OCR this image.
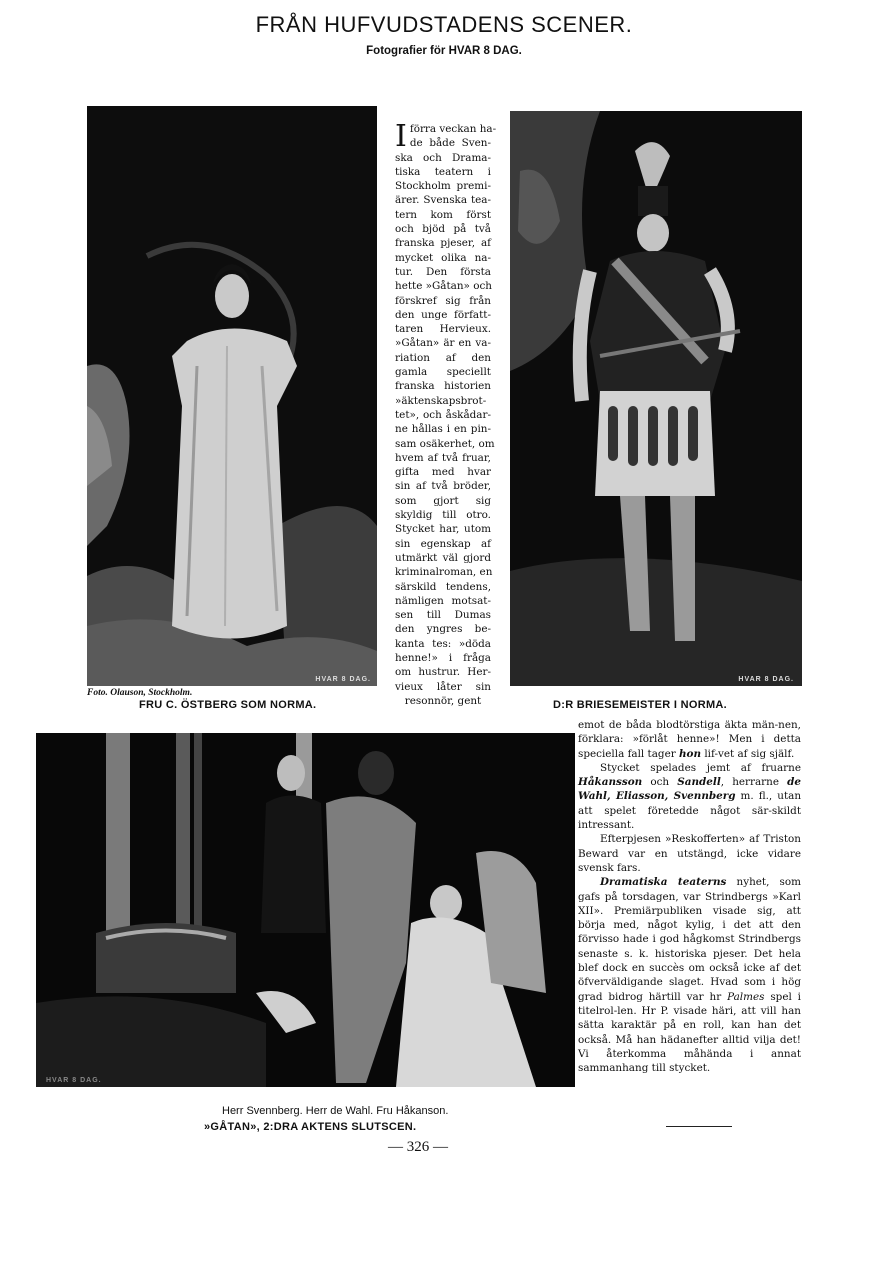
FRÅN HUFVUDSTADENS SCENER.
Fotografier för HVAR 8 DAG.
HVAR 8 DAG.
Foto. Olauson, Stockholm.
FRU C. ÖSTBERG SOM NORMA.
I förra veckan ha-
de både Sven-
ska och Drama-
tiska teatern i
Stockholm premi-
ärer. Svenska tea-
tern kom först
och bjöd på två
franska pjeser, af
mycket olika na-
tur. Den första
hette »Gåtan» och
förskref sig från
den unge författ-
taren Hervieux.
»Gåtan» är en va-
riation af den
gamla speciellt
franska historien
»äktenskapsbrot-
tet», och åskådar-
ne hållas i en pin-
sam osäkerhet, om
hvem af två fruar,
gifta med hvar
sin af två bröder,
som gjort sig
skyldig till otro.
Stycket har, utom
sin egenskap af
utmärkt väl gjord
kriminalroman, en
särskild tendens,
nämligen motsat-
sen till Dumas
den yngres be-
kanta tes: »döda
henne!» i fråga
om hustrur. Her-
vieux låter sin
resonnör, gent
HVAR 8 DAG.
D:R BRIESEMEISTER I NORMA.
HVAR 8 DAG.
Herr Svennberg. Herr de Wahl. Fru Håkanson.
»GÅTAN», 2:DRA AKTENS SLUTSCEN.

emot de båda blodtörstiga äkta män-nen, förklara: »förlåt henne»! Men i detta speciella fall tager hon lif-vet af sig själf.

Stycket spelades jemt af fruarne Håkansson och Sandell, herrarne de Wahl, Eliasson, Svennberg m. fl., utan att spelet företedde något sär-skildt intressant.

Efterpjesen »Reskofferten» af Triston Beward var en utstängd, icke vidare svensk fars.

Dramatiska teaterns nyhet, som gafs på torsdagen, var Strindbergs »Karl XII». Premiärpubliken visade sig, att börja med, något kylig, i det att den förvisso hade i god hågkomst Strindbergs senaste s. k. historiska pjeser. Det hela blef dock en succès om också icke af det öfverväldigande slaget. Hvad som i hög grad bidrog härtill var hr Palmes spel i titelrol-len. Hr P. visade häri, att vill han sätta karaktär på en roll, kan han det också. Må han hädanefter alltid vilja det! Vi återkomma måhända i annat sammanhang till stycket.

— 326 —
